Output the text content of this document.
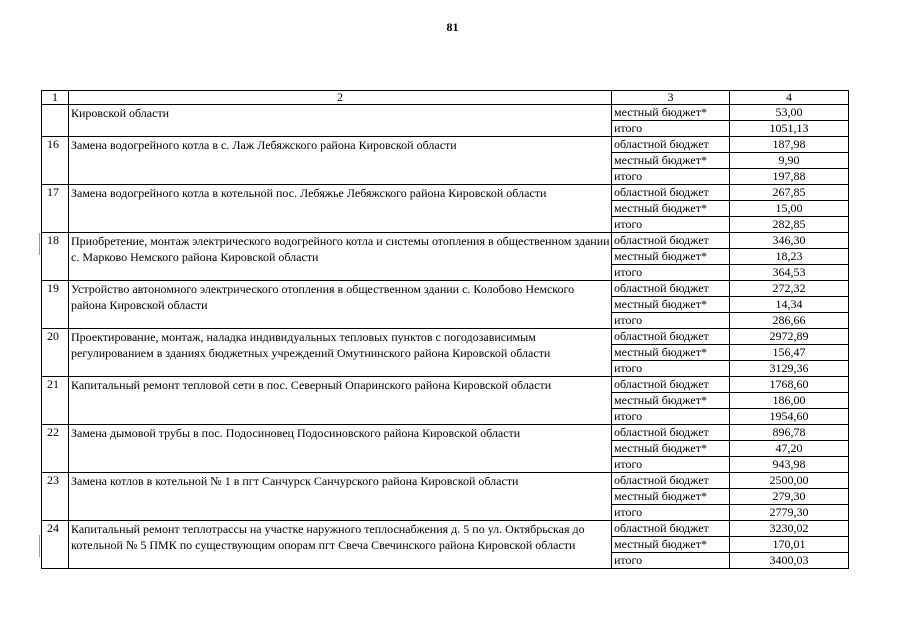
81
1	2	3	4
	Кировской области	местный бюджет*	53,00
		итого	1051,13
16	Замена водогрейного котла в с. Лаж Лебяжского района Кировской области	областной бюджет	187,98
		местный бюджет*	9,90
		итого	197,88
17	Замена водогрейного котла в котельной пос. Лебяжье Лебяжского района Кировской области	областной бюджет	267,85
		местный бюджет*	15,00
		итого	282,85
18	Приобретение, монтаж электрического водогрейного котла и системы отопления в общественном здании с. Марково Немского района Кировской области	областной бюджет	346,30
		местный бюджет*	18,23
		итого	364,53
19	Устройство автономного электрического отопления в общественном здании с. Колобово Немского района Кировской области	областной бюджет	272,32
		местный бюджет*	14,34
		итого	286,66
20	Проектирование, монтаж, наладка индивидуальных тепловых пунктов с погодозависимым регулированием в зданиях бюджетных учреждений Омутнинского района Кировской области	областной бюджет	2972,89
		местный бюджет*	156,47
		итого	3129,36
21	Капитальный ремонт тепловой сети в пос. Северный Опаринского района Кировской области	областной бюджет	1768,60
		местный бюджет*	186,00
		итого	1954,60
22	Замена дымовой трубы в пос. Подосиновец Подосиновского района Кировской области	областной бюджет	896,78
		местный бюджет*	47,20
		итого	943,98
23	Замена котлов в котельной № 1 в пгт Санчурск Санчурского района Кировской области	областной бюджет	2500,00
		местный бюджет*	279,30
		итого	2779,30
24	Капитальный ремонт теплотрассы на участке наружного теплоснабжения д. 5 по ул. Октябрьская до котельной № 5 ПМК по существующим опорам пгт Свеча Свечинского района Кировской области	областной бюджет	3230,02
		местный бюджет*	170,01
		итого	3400,03
